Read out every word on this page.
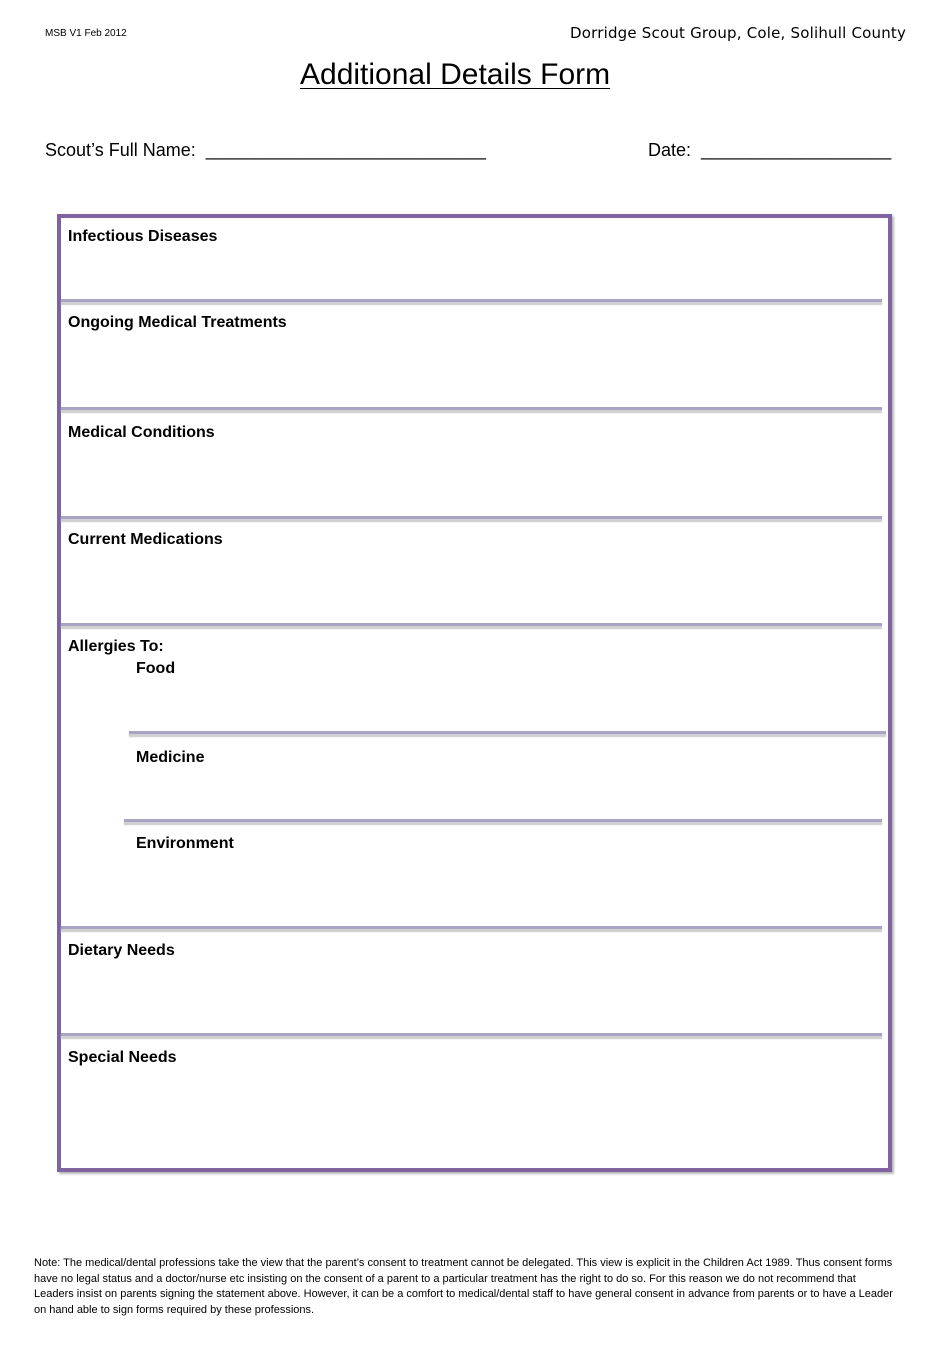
MSB V1 Feb 2012	Dorridge Scout Group, Cole, Solihull County
Additional Details Form
Scout’s Full Name: ____________________________	Date: ___________________
Infectious Diseases
Ongoing Medical Treatments
Medical Conditions
Current Medications
Allergies To:
Food
Medicine
Environment
Dietary Needs
Special Needs
Note: The medical/dental professions take the view that the parent’s consent to treatment cannot be delegated. This view is explicit in the Children Act 1989. Thus consent forms have no legal status and a doctor/nurse etc insisting on the consent of a parent to a particular treatment has the right to do so. For this reason we do not recommend that Leaders insist on parents signing the statement above. However, it can be a comfort to medical/dental staff to have general consent in advance from parents or to have a Leader on hand able to sign forms required by these professions.
